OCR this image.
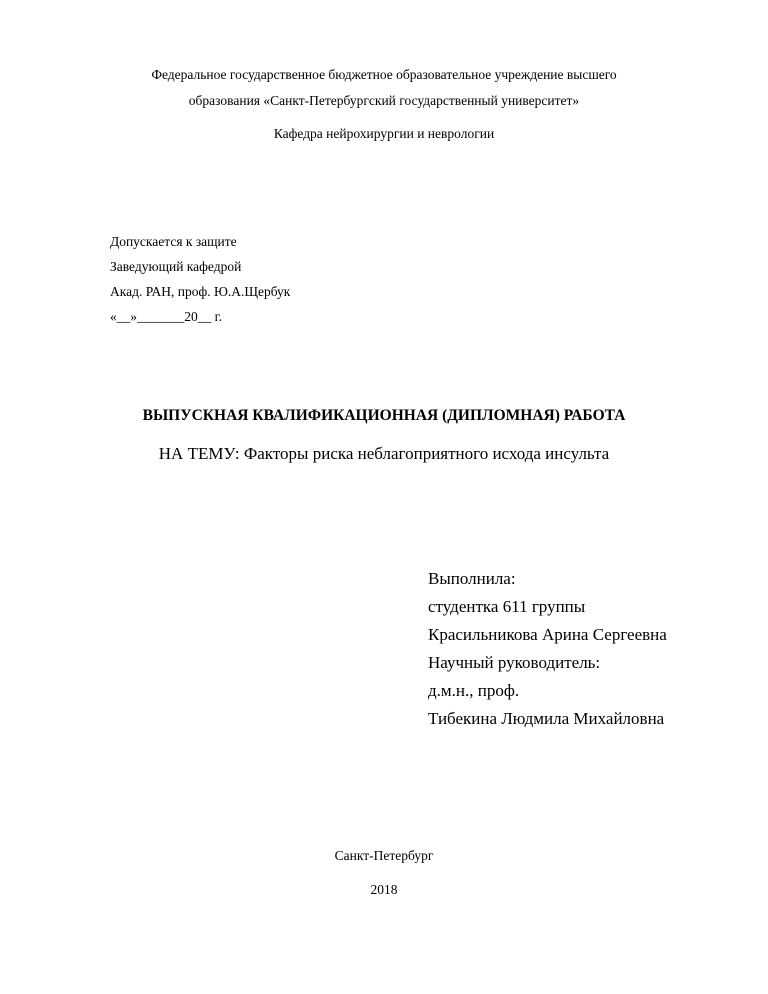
Федеральное государственное бюджетное образовательное учреждение высшего
образования «Санкт-Петербургский государственный университет»
Кафедра нейрохирургии и неврологии
Допускается к защите
Заведующий кафедрой
Акад. РАН, проф. Ю.А.Щербук
«__»_______20__ г.
ВЫПУСКНАЯ КВАЛИФИКАЦИОННАЯ (ДИПЛОМНАЯ) РАБОТА
НА ТЕМУ: Факторы риска неблагоприятного исхода инсульта
Выполнила:
студентка 611 группы
Красильникова Арина Сергеевна
Научный руководитель:
д.м.н., проф.
Тибекина Людмила Михайловна
Санкт-Петербург
2018
